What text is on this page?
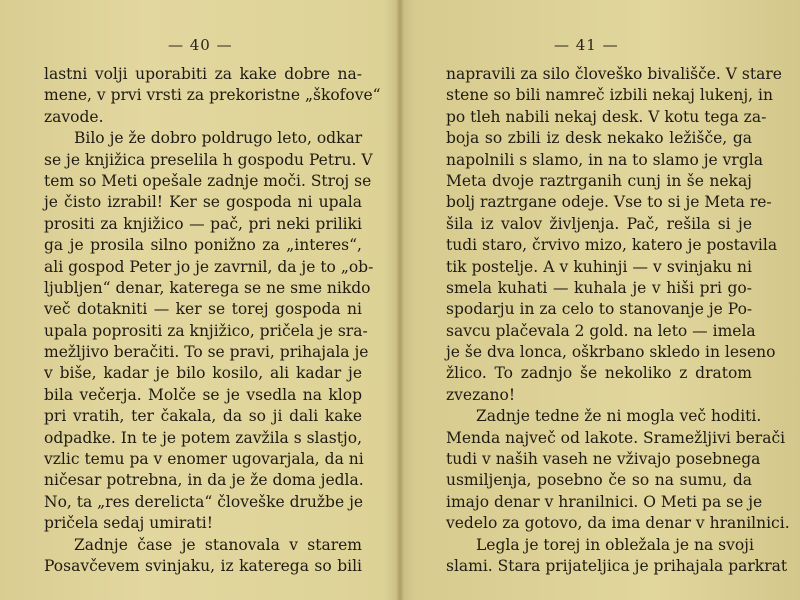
— 40 —
lastni volji uporabiti za kake dobre na-
mene, v prvi vrsti za prekoristne „škofove“
zavode.
Bilo je že dobro poldrugo leto, odkar
se je knjižica preselila h gospodu Petru. V
tem so Meti opešale zadnje moči. Stroj se
je čisto izrabil! Ker se gospoda ni upala
prositi za knjižico — pač, pri neki priliki
ga je prosila silno ponižno za „interes“,
ali gospod Peter jo je zavrnil, da je to „ob-
ljubljen“ denar, katerega se ne sme nikdo
več dotakniti — ker se torej gospoda ni
upala poprositi za knjižico, pričela je sra-
mežljivo beračiti. To se pravi, prihajala je
v biše, kadar je bilo kosilo, ali kadar je
bila večerja. Molče se je vsedla na klop
pri vratih, ter čakala, da so ji dali kake
odpadke. In te je potem zavžila s slastjo,
vzlic temu pa v enomer ugovarjala, da ni
ničesar potrebna, in da je že doma jedla.
No, ta „res derelicta“ človeške družbe je
pričela sedaj umirati!
Zadnje čase je stanovala v starem
Posavčevem svinjaku, iz katerega so bili
— 41 —
napravili za silo človeško bivališče. V stare
stene so bili namreč izbili nekaj lukenj, in
po tleh nabili nekaj desk. V kotu tega za-
boja so zbili iz desk nekako ležišče, ga
napolnili s slamo, in na to slamo je vrgla
Meta dvoje raztrganih cunj in še nekaj
bolj raztrgane odeje. Vse to si je Meta re-
šila iz valov življenja. Pač, rešila si je
tudi staro, črvivo mizo, katero je postavila
tik postelje. A v kuhinji — v svinjaku ni
smela kuhati — kuhala je v hiši pri go-
spodarju in za celo to stanovanje je Po-
savcu plačevala 2 gold. na leto — imela
je še dva lonca, oškrbano skledo in leseno
žlico. To zadnjo še nekoliko z dratom
zvezano!
Zadnje tedne že ni mogla več hoditi.
Menda največ od lakote. Sramežljivi berači
tudi v naših vaseh ne vživajo posebnega
usmiljenja, posebno če so na sumu, da
imajo denar v hranilnici. O Meti pa se je
vedelo za gotovo, da ima denar v hranilnici.
Legla je torej in obležala je na svoji
slami. Stara prijateljica je prihajala parkrat
